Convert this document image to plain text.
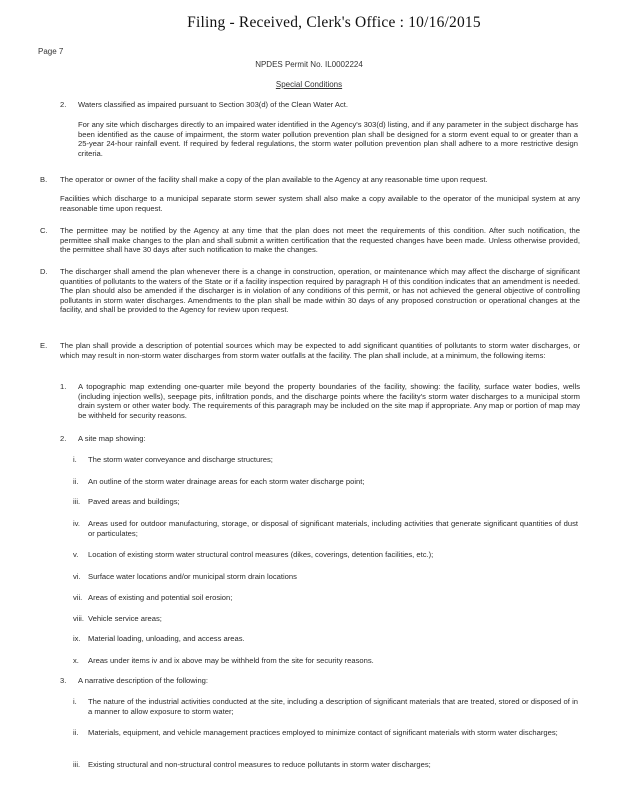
Filing - Received, Clerk's Office : 10/16/2015
Page 7
NPDES Permit No. IL0002224
Special Conditions
2. Waters classified as impaired pursuant to Section 303(d) of the Clean Water Act.
For any site which discharges directly to an impaired water identified in the Agency's 303(d) listing, and if any parameter in the subject discharge has been identified as the cause of impairment, the storm water pollution prevention plan shall be designed for a storm event equal to or greater than a 25-year 24-hour rainfall event. If required by federal regulations, the storm water pollution prevention plan shall adhere to a more restrictive design criteria.
B. The operator or owner of the facility shall make a copy of the plan available to the Agency at any reasonable time upon request.
Facilities which discharge to a municipal separate storm sewer system shall also make a copy available to the operator of the municipal system at any reasonable time upon request.
C. The permittee may be notified by the Agency at any time that the plan does not meet the requirements of this condition. After such notification, the permittee shall make changes to the plan and shall submit a written certification that the requested changes have been made. Unless otherwise provided, the permittee shall have 30 days after such notification to make the changes.
D. The discharger shall amend the plan whenever there is a change in construction, operation, or maintenance which may affect the discharge of significant quantities of pollutants to the waters of the State or if a facility inspection required by paragraph H of this condition indicates that an amendment is needed. The plan should also be amended if the discharger is in violation of any conditions of this permit, or has not achieved the general objective of controlling pollutants in storm water discharges. Amendments to the plan shall be made within 30 days of any proposed construction or operational changes at the facility, and shall be provided to the Agency for review upon request.
E. The plan shall provide a description of potential sources which may be expected to add significant quantities of pollutants to storm water discharges, or which may result in non-storm water discharges from storm water outfalls at the facility. The plan shall include, at a minimum, the following items:
1. A topographic map extending one-quarter mile beyond the property boundaries of the facility, showing: the facility, surface water bodies, wells (including injection wells), seepage pits, infiltration ponds, and the discharge points where the facility's storm water discharges to a municipal storm drain system or other water body. The requirements of this paragraph may be included on the site map if appropriate. Any map or portion of map may be withheld for security reasons.
2. A site map showing:
i. The storm water conveyance and discharge structures;
ii. An outline of the storm water drainage areas for each storm water discharge point;
iii. Paved areas and buildings;
iv. Areas used for outdoor manufacturing, storage, or disposal of significant materials, including activities that generate significant quantities of dust or particulates;
v. Location of existing storm water structural control measures (dikes, coverings, detention facilities, etc.);
vi. Surface water locations and/or municipal storm drain locations
vii. Areas of existing and potential soil erosion;
viii. Vehicle service areas;
ix. Material loading, unloading, and access areas.
x. Areas under items iv and ix above may be withheld from the site for security reasons.
3. A narrative description of the following:
i. The nature of the industrial activities conducted at the site, including a description of significant materials that are treated, stored or disposed of in a manner to allow exposure to storm water;
ii. Materials, equipment, and vehicle management practices employed to minimize contact of significant materials with storm water discharges;
iii. Existing structural and non-structural control measures to reduce pollutants in storm water discharges;
